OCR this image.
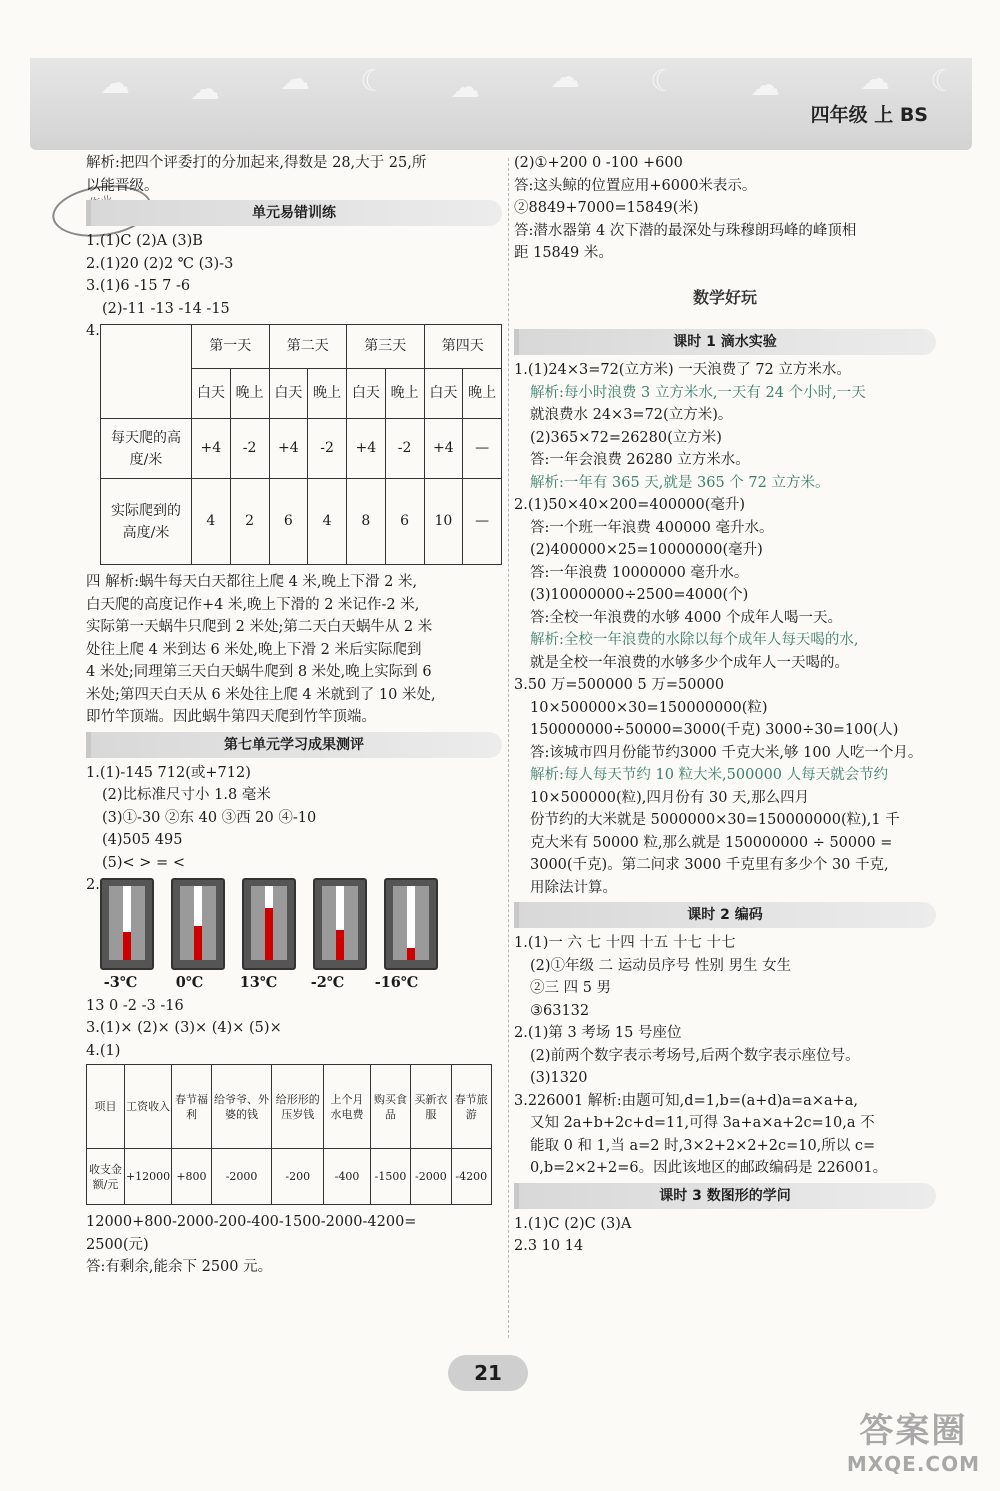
☁ ☁ ☁ ☾ ☁ ☁ ☾ ☁	☁ ☾
四年级 上 BS
解析:把四个评委打的分加起来,得数是 28,大于 25,所
以能晋级。
单元易错训练
1.(1)C (2)A (3)B
2.(1)20 (2)2 ℃ (3)-3
3.(1)6 -15 7 -6
(2)-11 -13 -14 -15
4.
	第一天		第二天		第三天		第四天	
	白天	晚上	白天	晚上	白天	晚上	白天	晚上
每天爬的高度/米	+4	-2	+4	-2	+4	-2	+4	—
实际爬到的高度/米	4	2	6	4	8	6	10	—
四 解析:蜗牛每天白天都往上爬 4 米,晚上下滑 2 米,
白天爬的高度记作+4 米,晚上下滑的 2 米记作-2 米,
实际第一天蜗牛只爬到 2 米处;第二天白天蜗牛从 2 米
处往上爬 4 米到达 6 米处,晚上下滑 2 米后实际爬到
4 米处;同理第三天白天蜗牛爬到 8 米处,晚上实际到 6
米处;第四天白天从 6 米处往上爬 4 米就到了 10 米处,
即竹竿顶端。因此蜗牛第四天爬到竹竿顶端。
第七单元学习成果测评
1.(1)-145 712(或+712)
(2)比标准尺寸小 1.8 毫米
(3)①-30 ②东 40 ③西 20 ④-10
(4)505 495
(5)< > = <
2.
-3℃	0℃	13℃	-2℃	-16℃
13 0 -2 -3 -16
3.(1)× (2)× (3)× (4)× (5)×
4.(1)
项目	工资收入	春节福利	给爷爷、外婆的钱	给形形的压岁钱	上个月水电费	购买食品	买新衣服	春节旅游
收支金额/元	+12000	+800	-2000	-200	-400	-1500	-2000	-4200
12000+800-2000-200-400-1500-2000-4200=
2500(元)
答:有剩余,能余下 2500 元。
(2)①+200 0 -100 +600
答:这头鲸的位置应用+6000米表示。
②8849+7000=15849(米)
答:潜水器第 4 次下潜的最深处与珠穆朗玛峰的峰顶相
距 15849 米。
数学好玩
课时 1 滴水实验
1.(1)24×3=72(立方米) 一天浪费了 72 立方米水。
解析:每小时浪费 3 立方米水,一天有 24 个小时,一天
就浪费水 24×3=72(立方米)。
(2)365×72=26280(立方米)
答:一年会浪费 26280 立方米水。
解析:一年有 365 天,就是 365 个 72 立方米。
2.(1)50×40×200=400000(毫升)
答:一个班一年浪费 400000 毫升水。
(2)400000×25=10000000(毫升)
答:一年浪费 10000000 毫升水。
(3)10000000÷2500=4000(个)
答:全校一年浪费的水够 4000 个成年人喝一天。
解析:全校一年浪费的水除以每个成年人每天喝的水,
就是全校一年浪费的水够多少个成年人一天喝的。
3.50 万=500000 5 万=50000
10×500000×30=150000000(粒)
150000000÷50000=3000(千克) 3000÷30=100(人)
答:该城市四月份能节约3000 千克大米,够 100 人吃一个月。
解析:每人每天节约 10 粒大米,500000 人每天就会节约
10×500000(粒),四月份有 30 天,那么四月
份节约的大米就是 5000000×30=150000000(粒),1 千
克大米有 50000 粒,那么就是 150000000 ÷ 50000 =
3000(千克)。第二问求 3000 千克里有多少个 30 千克,
用除法计算。
课时 2 编码
1.(1)一 六 七 十四 十五 十七 十七
(2)①年级 二 运动员序号 性别 男生 女生
②三 四 5 男
③63132
2.(1)第 3 考场 15 号座位
(2)前两个数字表示考场号,后两个数字表示座位号。
(3)1320
3.226001 解析:由题可知,d=1,b=(a+d)a=a×a+a,
又知 2a+b+2c+d=11,可得 3a+a×a+2c=10,a 不
能取 0 和 1,当 a=2 时,3×2+2×2+2c=10,所以 c=
0,b=2×2+2=6。因此该地区的邮政编码是 226001。
课时 3 数图形的学问
1.(1)C (2)C (3)A
2.3 10 14
21
答案圈
MXQE.COM
